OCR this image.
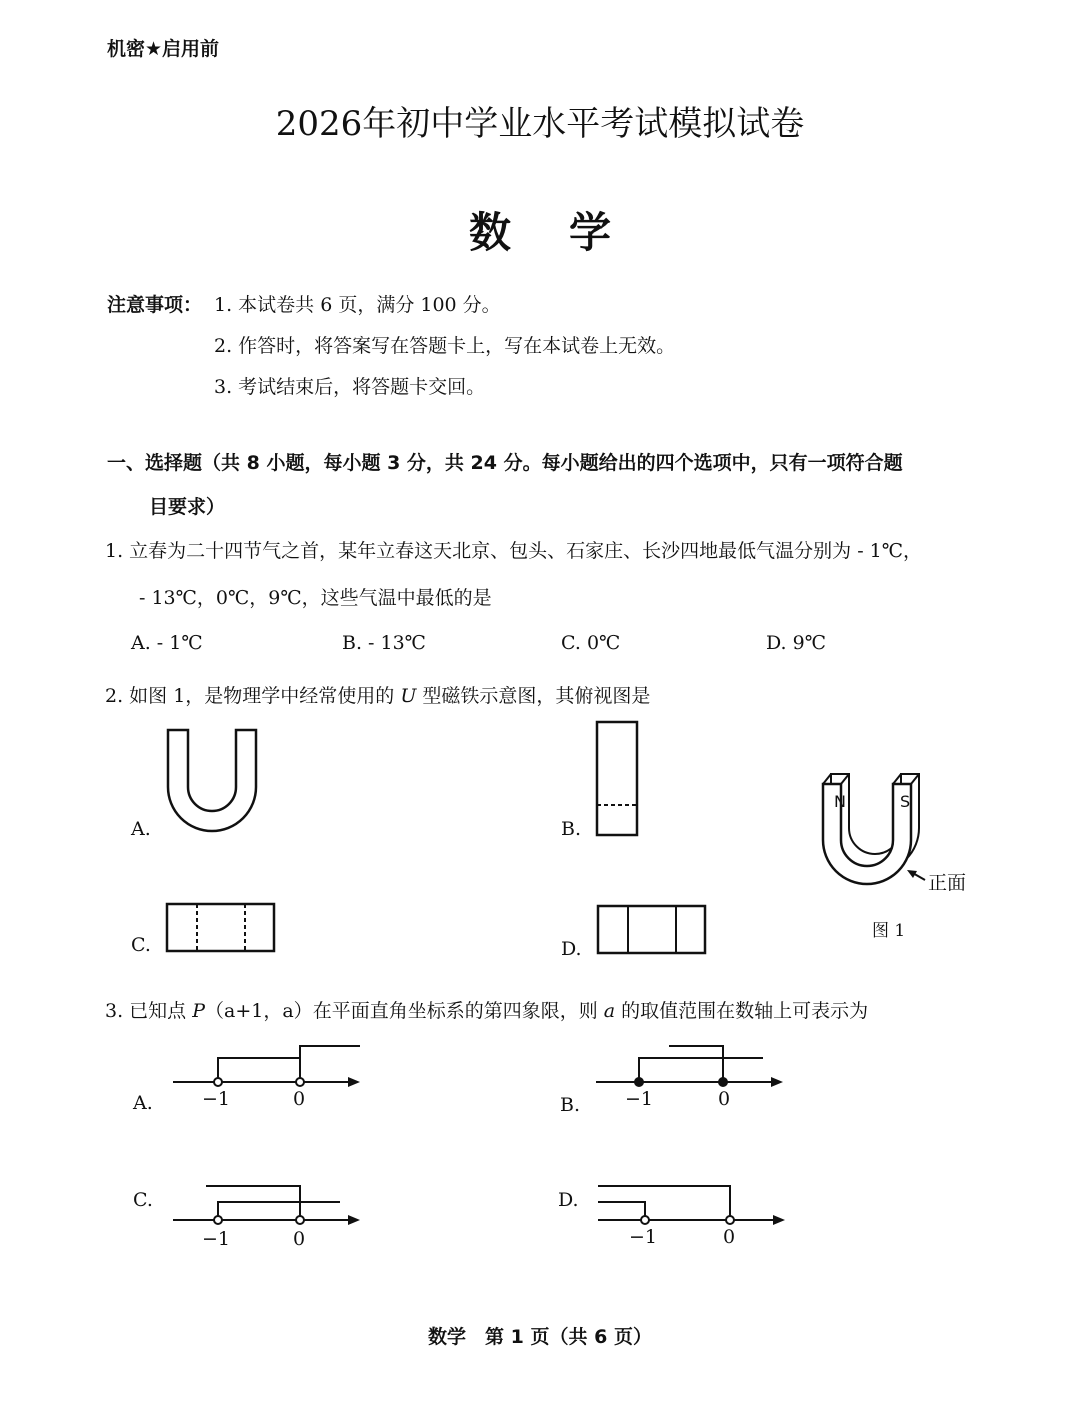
机密★启用前
2026年初中学业水平考试模拟试卷
数学
注意事项： 1. 本试卷共 6 页，满分 100 分。
2. 作答时，将答案写在答题卡上，写在本试卷上无效。
3. 考试结束后，将答题卡交回。
一、选择题（共 8 小题，每小题 3 分，共 24 分。每小题给出的四个选项中，只有一项符合题
目要求）
1. 立春为二十四节气之首，某年立春这天北京、包头、石家庄、长沙四地最低气温分别为 - 1℃，
- 13℃，0℃，9℃，这些气温中最低的是
A. - 1℃	B. - 13℃	C. 0℃	D. 9℃
2. 如图 1，是物理学中经常使用的 U 型磁铁示意图，其俯视图是
A.	B.
N	S
正面
图 1
C.	D.
3. 已知点 P（a+1，a）在平面直角坐标系的第四象限，则 a 的取值范围在数轴上可表示为
A.	−1	0	B. −1	0
C.
−1	0
D.
−1	0
数学　第 1 页（共 6 页）
